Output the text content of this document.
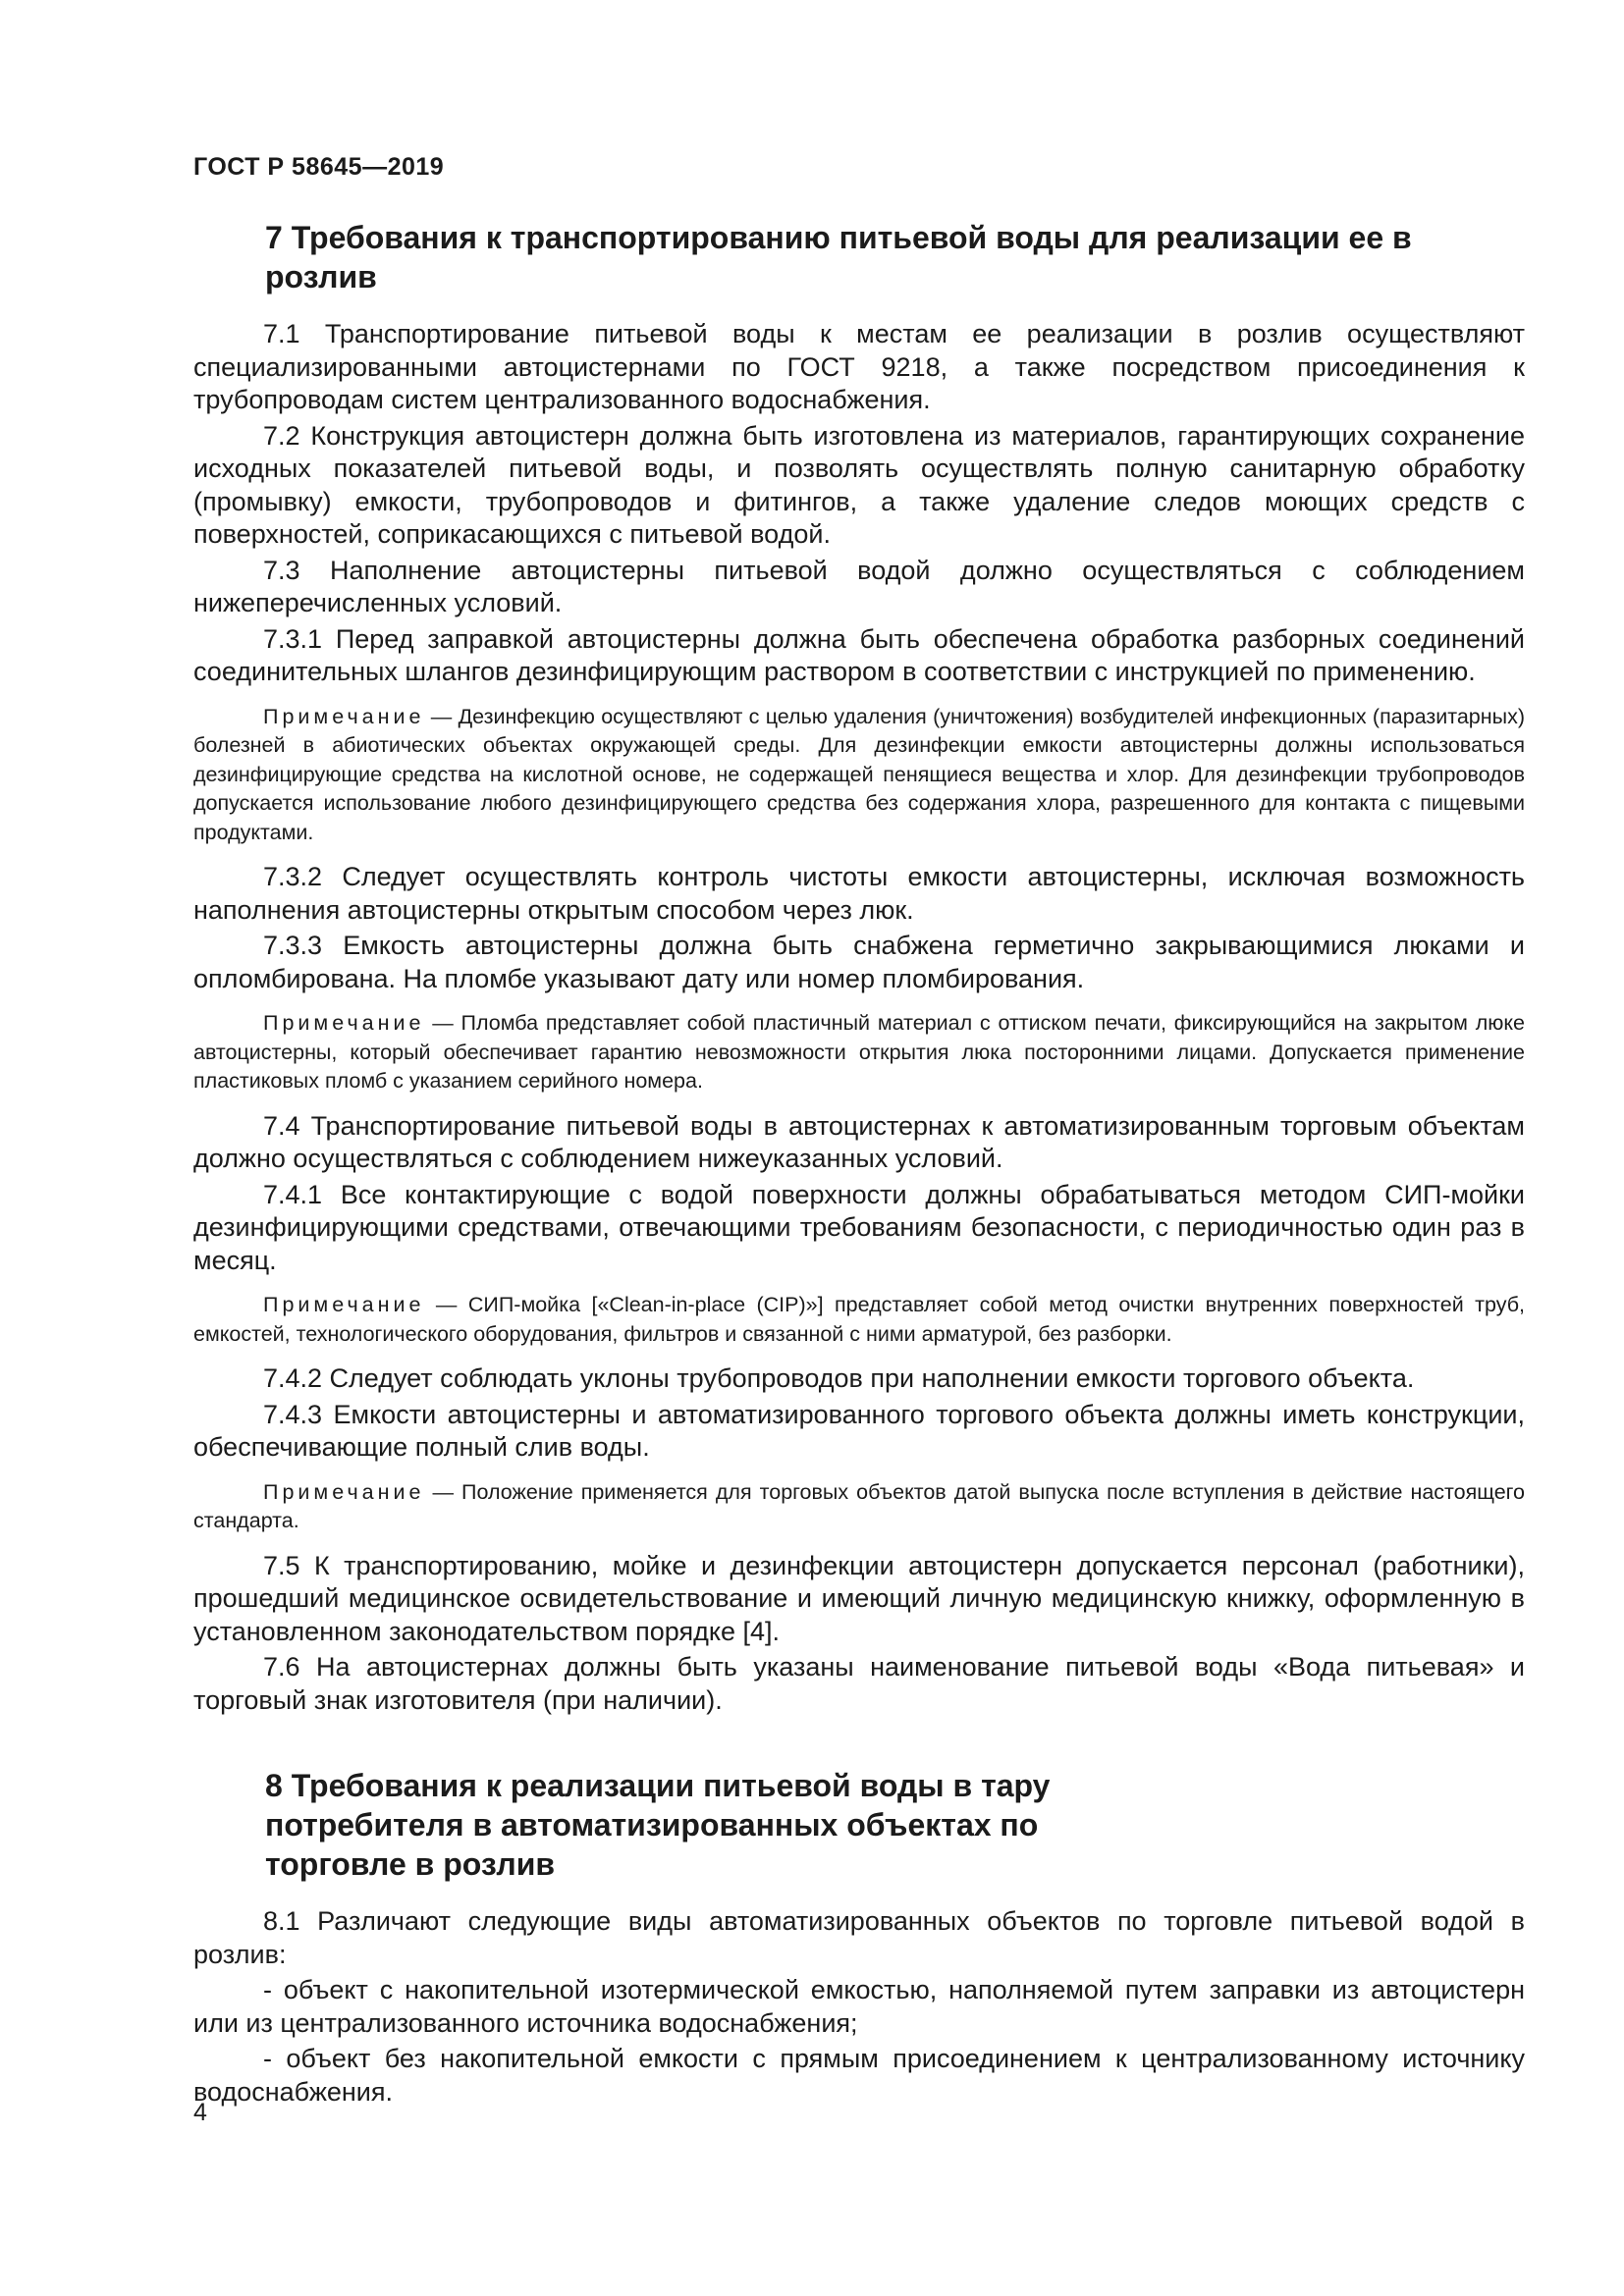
ГОСТ Р 58645—2019
7 Требования к транспортированию питьевой воды для реализации ее в розлив

7.1 Транспортирование питьевой воды к местам ее реализации в розлив осуществляют специализированными автоцистернами по ГОСТ 9218, а также посредством присоединения к трубопроводам систем централизованного водоснабжения.

7.2 Конструкция автоцистерн должна быть изготовлена из материалов, гарантирующих сохранение исходных показателей питьевой воды, и позволять осуществлять полную санитарную обработку (промывку) емкости, трубопроводов и фитингов, а также удаление следов моющих средств с поверхностей, соприкасающихся с питьевой водой.

7.3 Наполнение автоцистерны питьевой водой должно осуществляться с соблюдением нижеперечисленных условий.

7.3.1 Перед заправкой автоцистерны должна быть обеспечена обработка разборных соединений соединительных шлангов дезинфицирующим раствором в соответствии с инструкцией по применению.

Примечание — Дезинфекцию осуществляют с целью удаления (уничтожения) возбудителей инфекционных (паразитарных) болезней в абиотических объектах окружающей среды. Для дезинфекции емкости автоцистерны должны использоваться дезинфицирующие средства на кислотной основе, не содержащей пенящиеся вещества и хлор. Для дезинфекции трубопроводов допускается использование любого дезинфицирующего средства без содержания хлора, разрешенного для контакта с пищевыми продуктами.

7.3.2 Следует осуществлять контроль чистоты емкости автоцистерны, исключая возможность наполнения автоцистерны открытым способом через люк.

7.3.3 Емкость автоцистерны должна быть снабжена герметично закрывающимися люками и опломбирована. На пломбе указывают дату или номер пломбирования.

Примечание — Пломба представляет собой пластичный материал с оттиском печати, фиксирующийся на закрытом люке автоцистерны, который обеспечивает гарантию невозможности открытия люка посторонними лицами. Допускается применение пластиковых пломб с указанием серийного номера.

7.4 Транспортирование питьевой воды в автоцистернах к автоматизированным торговым объектам должно осуществляться с соблюдением нижеуказанных условий.

7.4.1 Все контактирующие с водой поверхности должны обрабатываться методом СИП-мойки дезинфицирующими средствами, отвечающими требованиям безопасности, с периодичностью один раз в месяц.

Примечание — СИП-мойка [«Clean-in-place (CIP)»] представляет собой метод очистки внутренних поверхностей труб, емкостей, технологического оборудования, фильтров и связанной с ними арматурой, без разборки.

7.4.2 Следует соблюдать уклоны трубопроводов при наполнении емкости торгового объекта.

7.4.3 Емкости автоцистерны и автоматизированного торгового объекта должны иметь конструкции, обеспечивающие полный слив воды.

Примечание — Положение применяется для торговых объектов датой выпуска после вступления в действие настоящего стандарта.

7.5 К транспортированию, мойке и дезинфекции автоцистерн допускается персонал (работники), прошедший медицинское освидетельствование и имеющий личную медицинскую книжку, оформленную в установленном законодательством порядке [4].

7.6 На автоцистернах должны быть указаны наименование питьевой воды «Вода питьевая» и торговый знак изготовителя (при наличии).

8 Требования к реализации питьевой воды в тару потребителя в автоматизированных объектах по торговле в розлив

8.1 Различают следующие виды автоматизированных объектов по торговле питьевой водой в розлив:

- объект с накопительной изотермической емкостью, наполняемой путем заправки из автоцистерн или из централизованного источника водоснабжения;

- объект без накопительной емкости с прямым присоединением к централизованному источнику водоснабжения.

4
